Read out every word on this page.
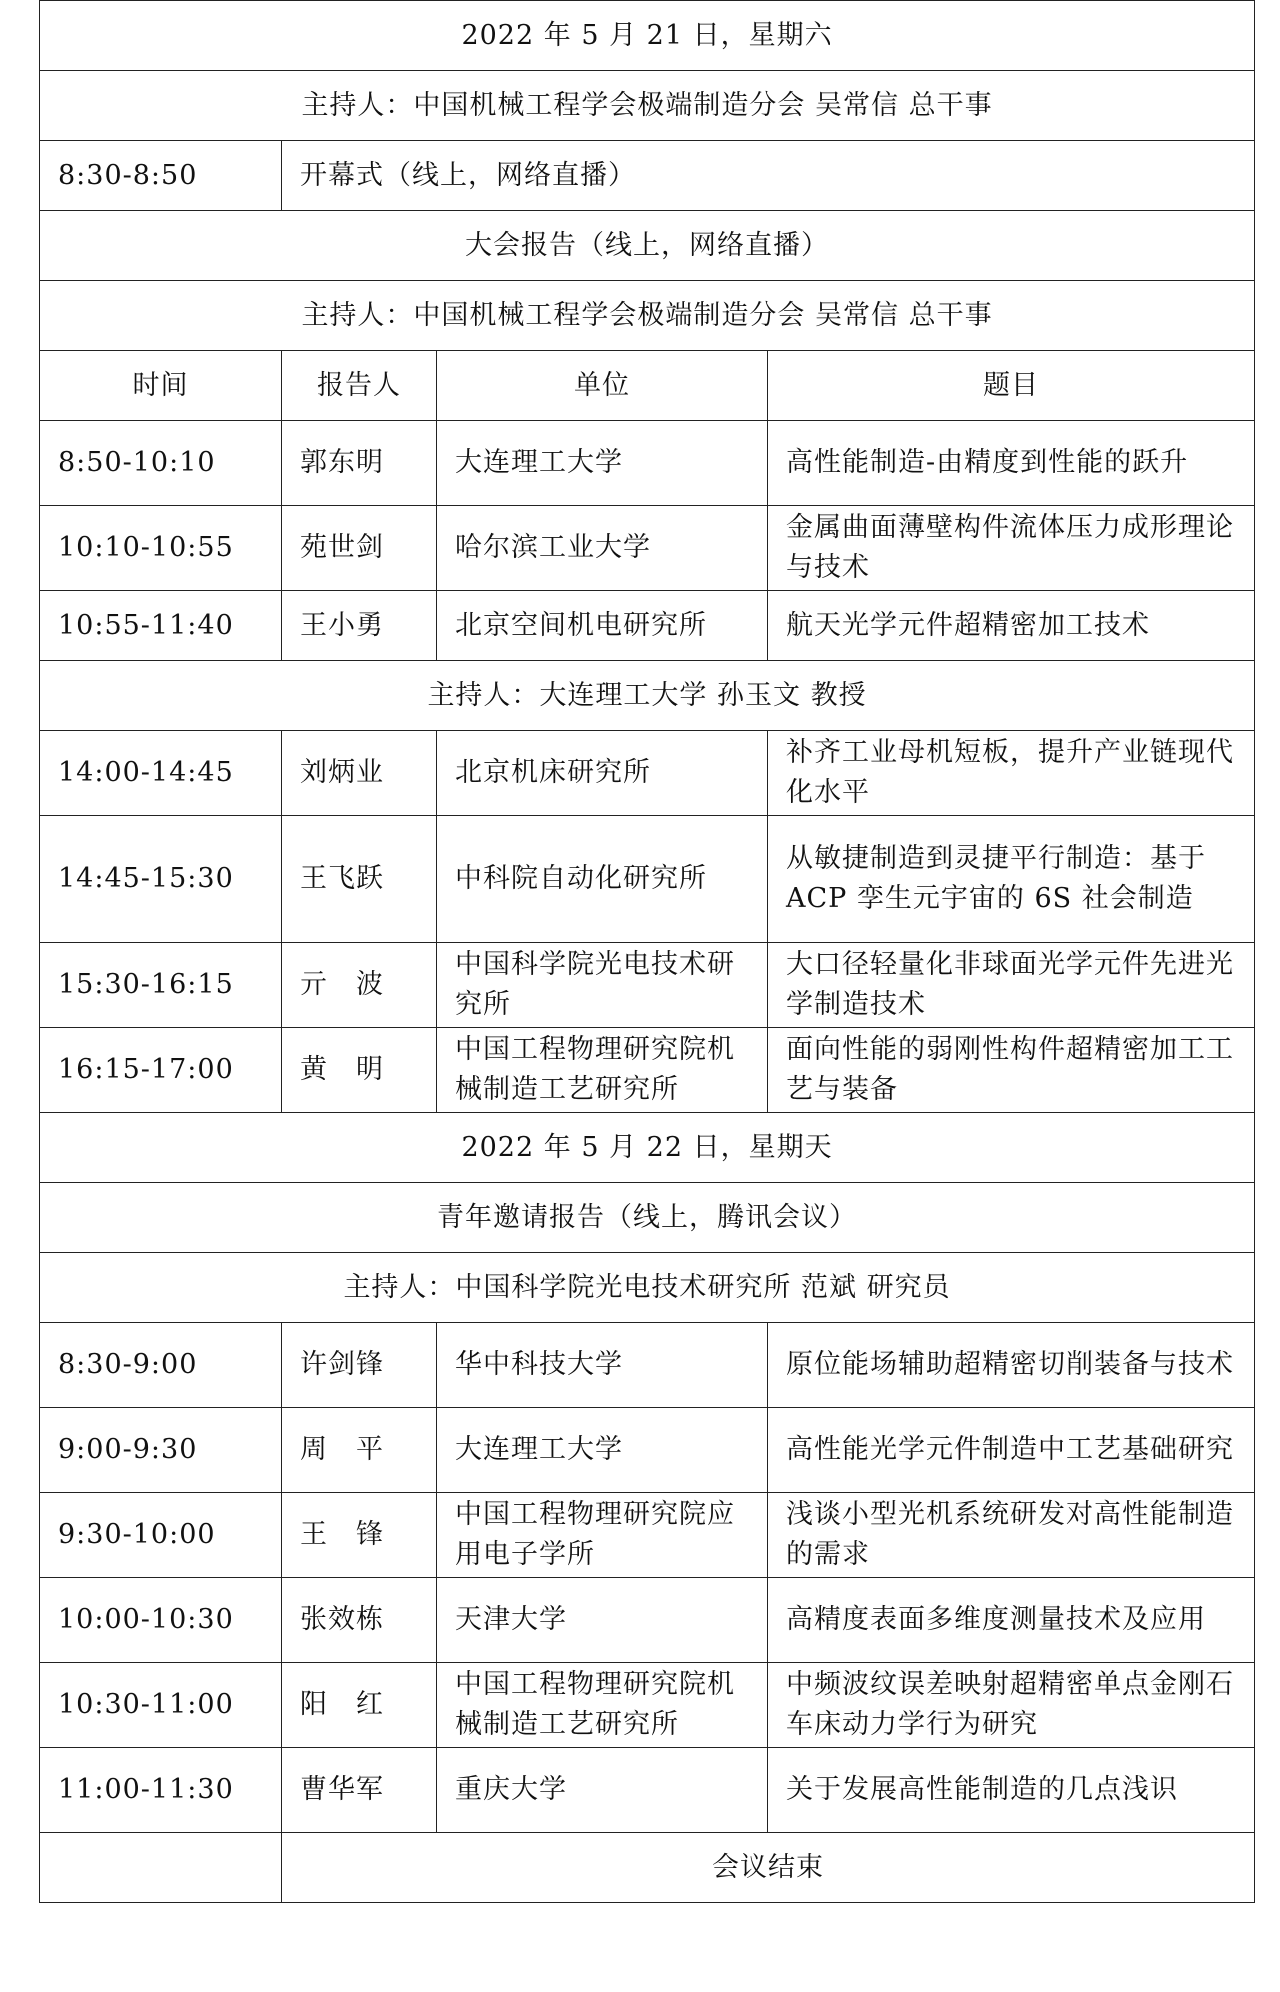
2022 年 5 月 21 日，星期六			
主持人：中国机械工程学会极端制造分会 吴常信 总干事			
8:30-8:50	开幕式（线上，网络直播）		
大会报告（线上，网络直播）			
主持人：中国机械工程学会极端制造分会 吴常信 总干事			
时间	报告人	单位	题目
8:50-10:10	郭东明	大连理工大学	高性能制造-由精度到性能的跃升
10:10-10:55	苑世剑	哈尔滨工业大学	金属曲面薄壁构件流体压力成形理论与技术
10:55-11:40	王小勇	北京空间机电研究所	航天光学元件超精密加工技术
主持人：大连理工大学 孙玉文 教授			
14:00-14:45	刘炳业	北京机床研究所	补齐工业母机短板，提升产业链现代化水平
14:45-15:30	王飞跃	中科院自动化研究所	从敏捷制造到灵捷平行制造：基于 ACP 孪生元宇宙的 6S 社会制造
15:30-16:15	亓　波	中国科学院光电技术研究所	大口径轻量化非球面光学元件先进光学制造技术
16:15-17:00	黄　明	中国工程物理研究院机械制造工艺研究所	面向性能的弱刚性构件超精密加工工艺与装备
2022 年 5 月 22 日，星期天			
青年邀请报告（线上，腾讯会议）			
主持人：中国科学院光电技术研究所 范斌 研究员			
8:30-9:00	许剑锋	华中科技大学	原位能场辅助超精密切削装备与技术
9:00-9:30	周　平	大连理工大学	高性能光学元件制造中工艺基础研究
9:30-10:00	王　锋	中国工程物理研究院应用电子学所	浅谈小型光机系统研发对高性能制造的需求
10:00-10:30	张效栋	天津大学	高精度表面多维度测量技术及应用
10:30-11:00	阳　红	中国工程物理研究院机械制造工艺研究所	中频波纹误差映射超精密单点金刚石车床动力学行为研究
11:00-11:30	曹华军	重庆大学	关于发展高性能制造的几点浅识
	会议结束		
